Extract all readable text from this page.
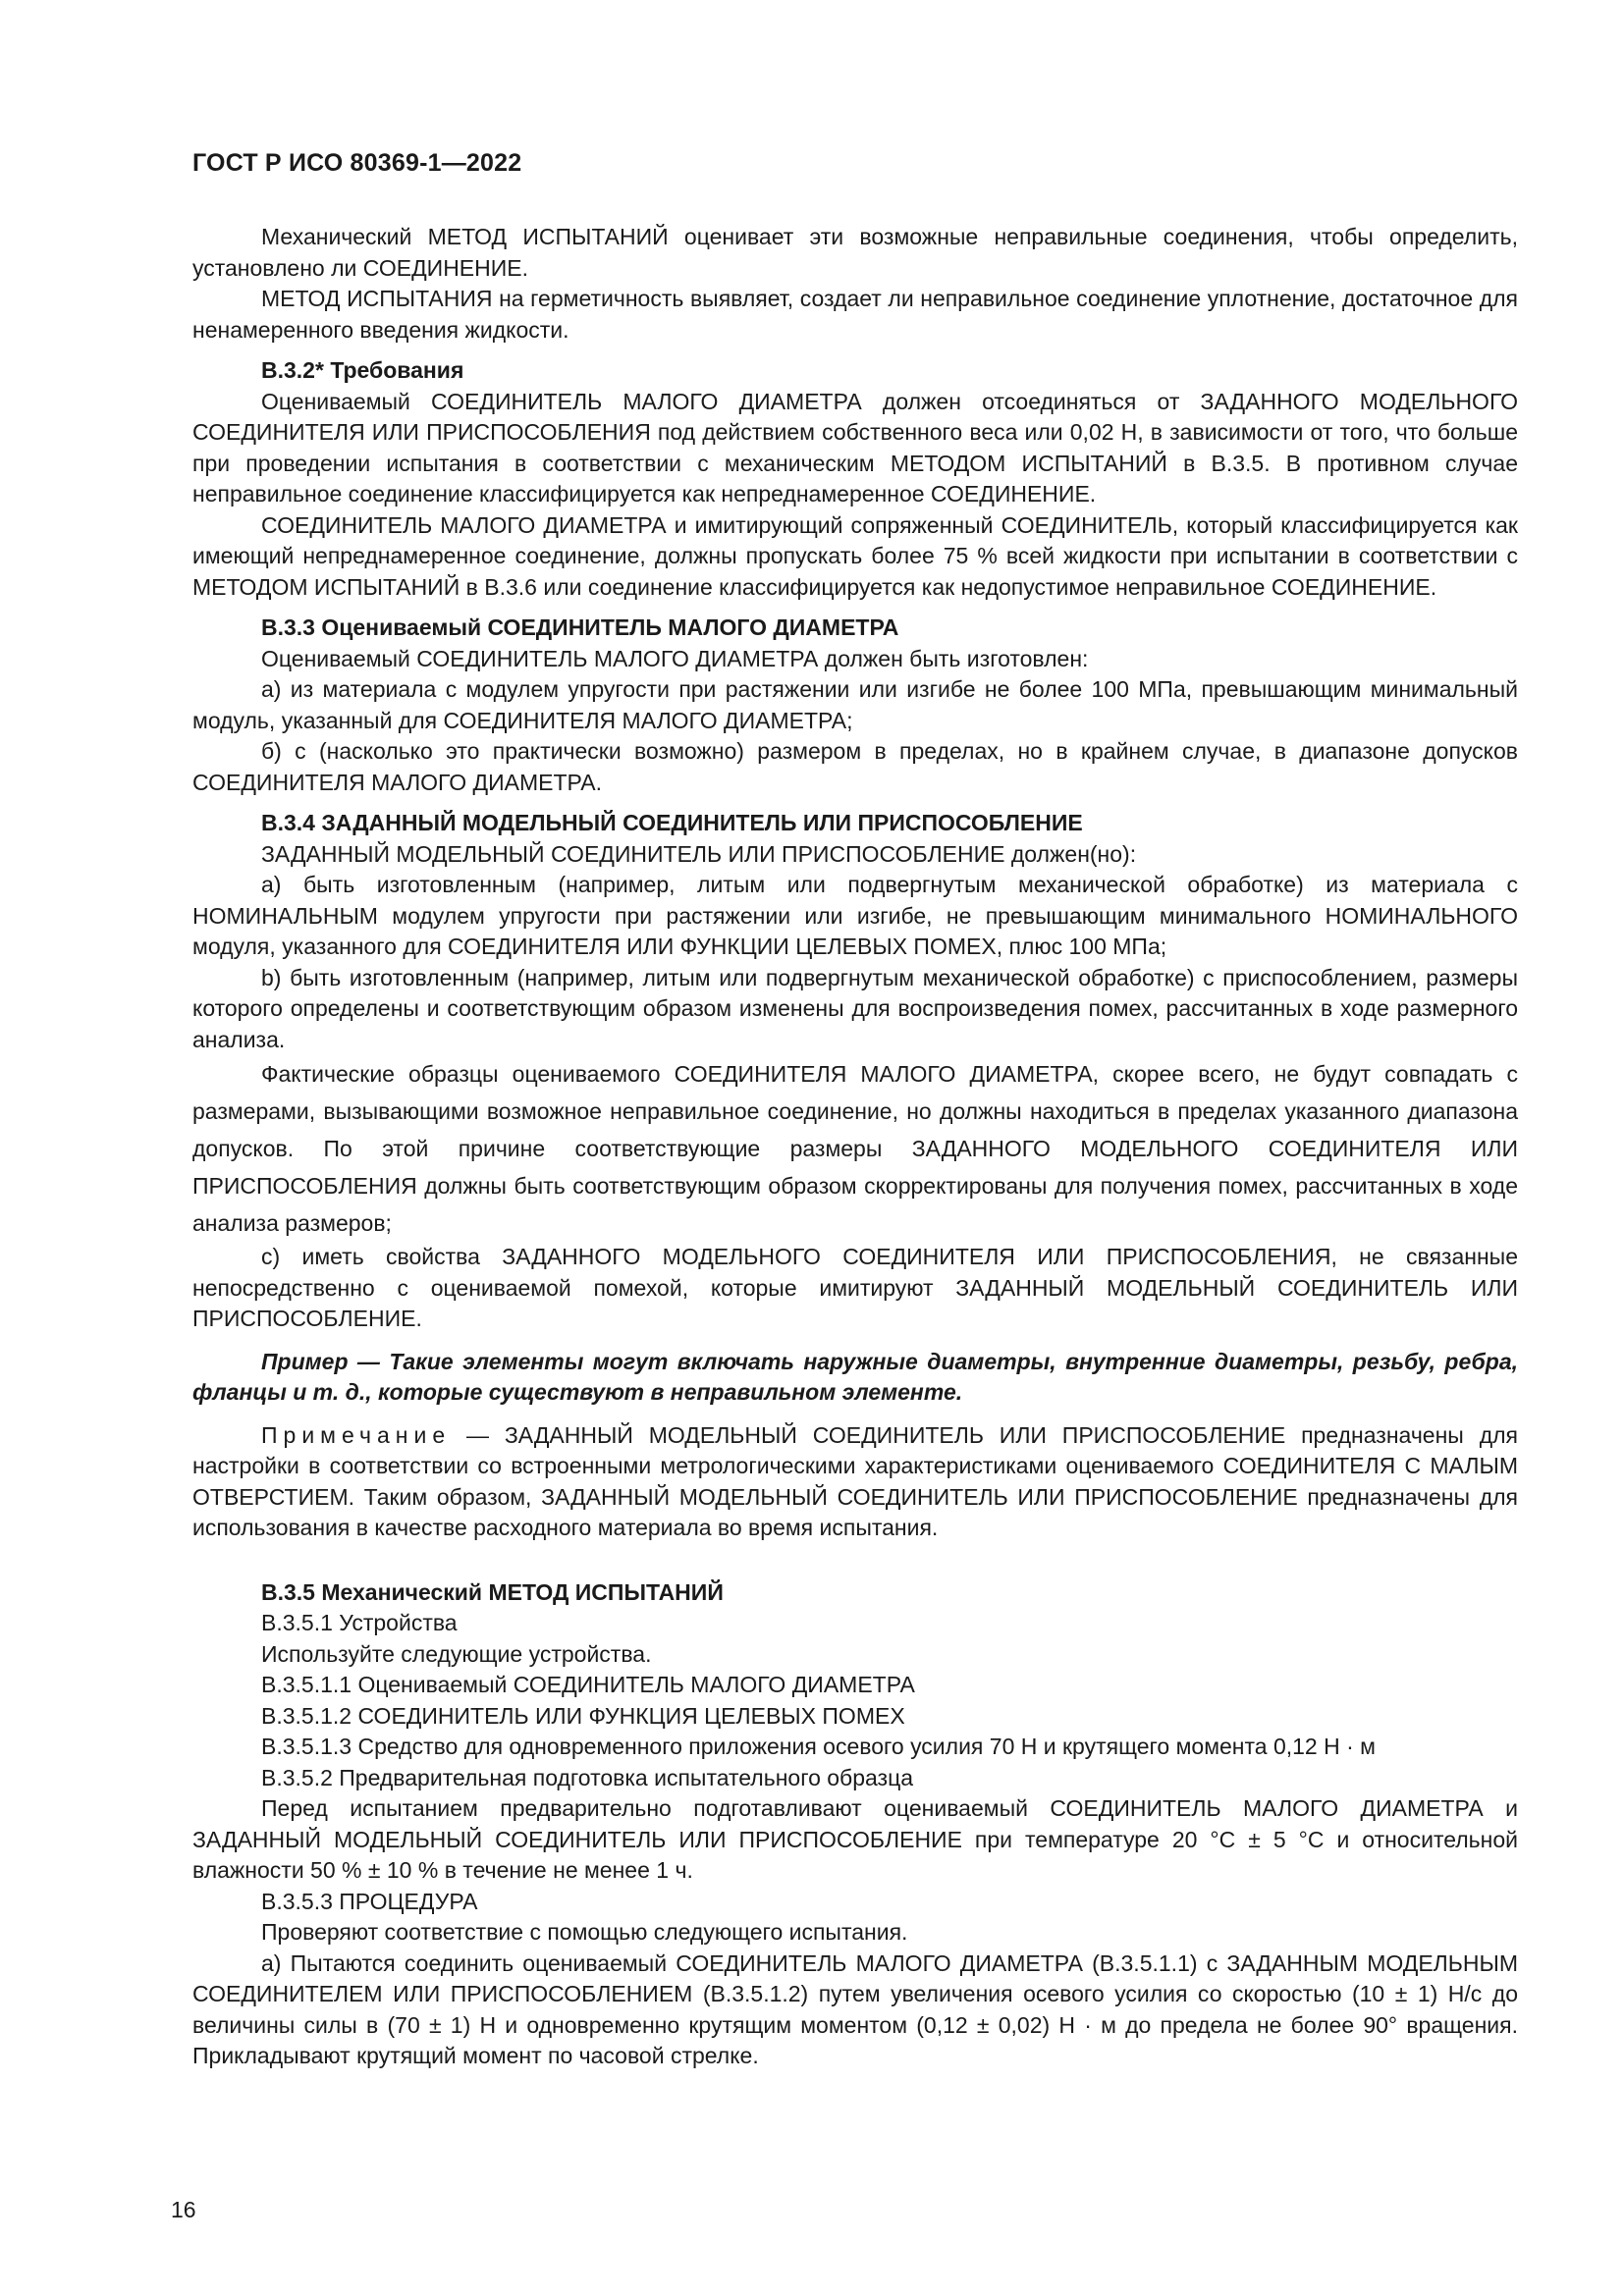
ГОСТ Р ИСО 80369-1—2022

Механический МЕТОД ИСПЫТАНИЙ оценивает эти возможные неправильные соединения, чтобы определить, установлено ли СОЕДИНЕНИЕ.

МЕТОД ИСПЫТАНИЯ на герметичность выявляет, создает ли неправильное соединение уплотнение, достаточное для ненамеренного введения жидкости.

В.3.2* Требования

Оцениваемый СОЕДИНИТЕЛЬ МАЛОГО ДИАМЕТРА должен отсоединяться от ЗАДАННОГО МОДЕЛЬНОГО СОЕДИНИТЕЛЯ ИЛИ ПРИСПОСОБЛЕНИЯ под действием собственного веса или 0,02 Н, в зависимости от того, что больше при проведении испытания в соответствии с механическим МЕТОДОМ ИСПЫТАНИЙ в В.3.5. В противном случае неправильное соединение классифицируется как непреднамеренное СОЕДИНЕНИЕ.

СОЕДИНИТЕЛЬ МАЛОГО ДИАМЕТРА и имитирующий сопряженный СОЕДИНИТЕЛЬ, который классифицируется как имеющий непреднамеренное соединение, должны пропускать более 75 % всей жидкости при испытании в соответствии с МЕТОДОМ ИСПЫТАНИЙ в В.3.6 или соединение классифицируется как недопустимое неправильное СОЕДИНЕНИЕ.

В.3.3 Оцениваемый СОЕДИНИТЕЛЬ МАЛОГО ДИАМЕТРА

Оцениваемый СОЕДИНИТЕЛЬ МАЛОГО ДИАМЕТРА должен быть изготовлен:

а) из материала с модулем упругости при растяжении или изгибе не более 100 МПа, превышающим минимальный модуль, указанный для СОЕДИНИТЕЛЯ МАЛОГО ДИАМЕТРА;

б) с (насколько это практически возможно) размером в пределах, но в крайнем случае, в диапазоне допусков СОЕДИНИТЕЛЯ МАЛОГО ДИАМЕТРА.

В.3.4 ЗАДАННЫЙ МОДЕЛЬНЫЙ СОЕДИНИТЕЛЬ ИЛИ ПРИСПОСОБЛЕНИЕ

ЗАДАННЫЙ МОДЕЛЬНЫЙ СОЕДИНИТЕЛЬ ИЛИ ПРИСПОСОБЛЕНИЕ должен(но):

а) быть изготовленным (например, литым или подвергнутым механической обработке) из материала с НОМИНАЛЬНЫМ модулем упругости при растяжении или изгибе, не превышающим минимального НОМИНАЛЬНОГО модуля, указанного для СОЕДИНИТЕЛЯ ИЛИ ФУНКЦИИ ЦЕЛЕВЫХ ПОМЕХ, плюс 100 МПа;

b) быть изготовленным (например, литым или подвергнутым механической обработке) с приспособлением, размеры которого определены и соответствующим образом изменены для воспроизведения помех, рассчитанных в ходе размерного анализа.

Фактические образцы оцениваемого СОЕДИНИТЕЛЯ МАЛОГО ДИАМЕТРА, скорее всего, не будут совпадать с размерами, вызывающими возможное неправильное соединение, но должны находиться в пределах указанного диапазона допусков. По этой причине соответствующие размеры ЗАДАННОГО МОДЕЛЬНОГО СОЕДИНИТЕЛЯ ИЛИ ПРИСПОСОБЛЕНИЯ должны быть соответствующим образом скорректированы для получения помех, рассчитанных в ходе анализа размеров;

c) иметь свойства ЗАДАННОГО МОДЕЛЬНОГО СОЕДИНИТЕЛЯ ИЛИ ПРИСПОСОБЛЕНИЯ, не связанные непосредственно с оцениваемой помехой, которые имитируют ЗАДАННЫЙ МОДЕЛЬНЫЙ СОЕДИНИТЕЛЬ ИЛИ ПРИСПОСОБЛЕНИЕ.

Пример — Такие элементы могут включать наружные диаметры, внутренние диаметры, резьбу, ребра, фланцы и т. д., которые существуют в неправильном элементе.

Примечание — ЗАДАННЫЙ МОДЕЛЬНЫЙ СОЕДИНИТЕЛЬ ИЛИ ПРИСПОСОБЛЕНИЕ предназначены для настройки в соответствии со встроенными метрологическими характеристиками оцениваемого СОЕДИНИТЕЛЯ С МАЛЫМ ОТВЕРСТИЕМ. Таким образом, ЗАДАННЫЙ МОДЕЛЬНЫЙ СОЕДИНИТЕЛЬ ИЛИ ПРИСПОСОБЛЕНИЕ предназначены для использования в качестве расходного материала во время испытания.

В.3.5 Механический МЕТОД ИСПЫТАНИЙ

В.3.5.1 Устройства

Используйте следующие устройства.

В.3.5.1.1 Оцениваемый СОЕДИНИТЕЛЬ МАЛОГО ДИАМЕТРА

В.3.5.1.2 СОЕДИНИТЕЛЬ ИЛИ ФУНКЦИЯ ЦЕЛЕВЫХ ПОМЕХ

В.3.5.1.3 Средство для одновременного приложения осевого усилия 70 Н и крутящего момента 0,12 Н · м

В.3.5.2 Предварительная подготовка испытательного образца

Перед испытанием предварительно подготавливают оцениваемый СОЕДИНИТЕЛЬ МАЛОГО ДИАМЕТРА и ЗАДАННЫЙ МОДЕЛЬНЫЙ СОЕДИНИТЕЛЬ ИЛИ ПРИСПОСОБЛЕНИЕ при температуре 20 °С ± 5 °С и относительной влажности 50 % ± 10 % в течение не менее 1 ч.

В.3.5.3 ПРОЦЕДУРА

Проверяют соответствие с помощью следующего испытания.

а) Пытаются соединить оцениваемый СОЕДИНИТЕЛЬ МАЛОГО ДИАМЕТРА (В.3.5.1.1) с ЗАДАННЫМ МОДЕЛЬНЫМ СОЕДИНИТЕЛЕМ ИЛИ ПРИСПОСОБЛЕНИЕМ (В.3.5.1.2) путем увеличения осевого усилия со скоростью (10 ± 1) Н/с до величины силы в (70 ± 1) Н и одновременно крутящим моментом (0,12 ± 0,02) Н · м до предела не более 90° вращения. Прикладывают крутящий момент по часовой стрелке.

16
